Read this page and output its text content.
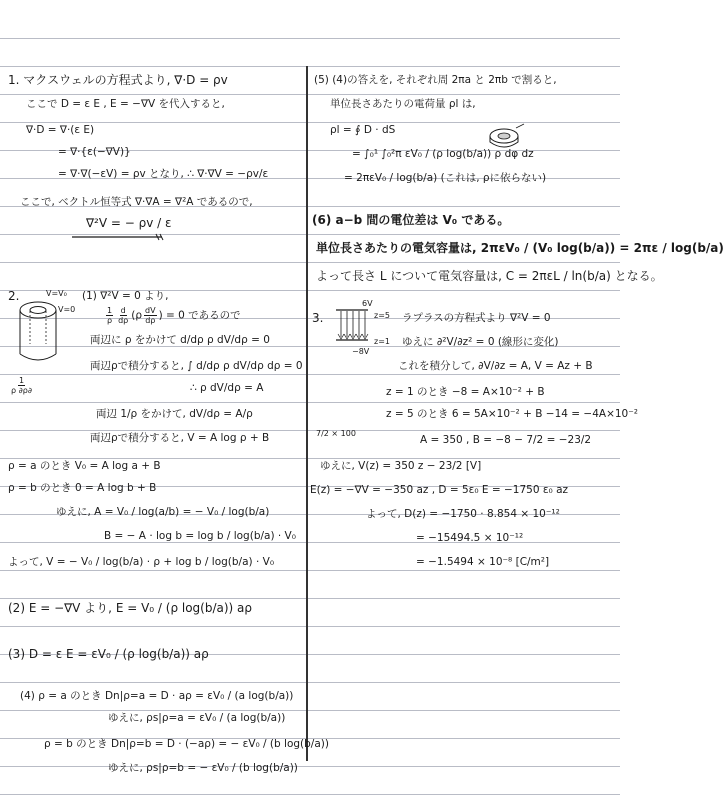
1. マクスウェルの方程式より, ∇·D = ρv
ここで D = ε E , E = −∇V を代入すると,
∇·D = ∇·(ε E)
= ∇·{ε(−∇V)}
= ∇·∇(−εV) = ρv となり, ∴ ∇·∇V = −ρv/ε
ここで, ベクトル恒等式 ∇·∇A = ∇²A であるので,
∇²V = − ρv / ε
2.	V=V₀
V=0
(1) ∇²V = 0 より,
$\frac{1}{\rho} \frac{d}{d\rho} (\rho \frac{dV}{d\rho}$ ) = 0 であるので
$\frac{1}{\rho \partial\rho\partial}$
両辺に ρ をかけて d/dρ ρ dV/dρ = 0
両辺ρで積分すると, ∫ d/dρ ρ dV/dρ dρ = 0
∴ ρ dV/dρ = A
両辺 1/ρ をかけて, dV/dρ = A/ρ
両辺ρで積分すると, V = A log ρ + B
ρ = a のとき V₀ = A log a + B
ρ = b のとき 0 = A log b + B
ゆえに, A = V₀ / log(a/b) = − V₀ / log(b/a)
B = − A · log b = log b / log(b/a) · V₀
よって, V = − V₀ / log(b/a) · ρ + log b / log(b/a) · V₀
(2) E = −∇V より, E = V₀ / (ρ log(b/a)) aρ
(3) D = ε E = εV₀ / (ρ log(b/a)) aρ
(4) ρ = a のとき Dn|ρ=a = D · aρ = εV₀ / (a log(b/a))
ゆえに, ρs|ρ=a = εV₀ / (a log(b/a))
ρ = b のとき Dn|ρ=b = D · (−aρ) = − εV₀ / (b log(b/a))
ゆえに, ρs|ρ=b = − εV₀ / (b log(b/a))
(5) (4)の答えを, それぞれ周 2πa と 2πb で割ると,
単位長さあたりの電荷量 ρl は,
ρl = ∮ D · dS
= ∫₀¹ ∫₀²π εV₀ / (ρ log(b/a)) ρ dφ dz
= 2πεV₀ / log(b/a) (これは, ρに依らない)
(6) a−b 間の電位差は V₀ である。
単位長さあたりの電気容量は, 2πεV₀ / (V₀ log(b/a)) = 2πε / log(b/a)
よって長さ L について電気容量は, C = 2πεL / ln(b/a) となる。
3.
6V
z=5
z=1
−8V
ラプラスの方程式より ∇²V = 0
ゆえに ∂²V/∂z² = 0 (線形に変化)
これを積分して, ∂V/∂z = A, V = Az + B
z = 1 のとき −8 = A×10⁻² + B
z = 5 のとき 6 = 5A×10⁻² + B −14 = −4A×10⁻²
7/2 × 100
A = 350 , B = −8 − 7/2 = −23/2
ゆえに, V(z) = 350 z − 23/2 [V]
E(z) = −∇V = −350 az , D = 5ε₀ E = −1750 ε₀ az
よって, D(z) = −1750 · 8.854 × 10⁻¹²
= −15494.5 × 10⁻¹²
= −1.5494 × 10⁻⁸ [C/m²]
